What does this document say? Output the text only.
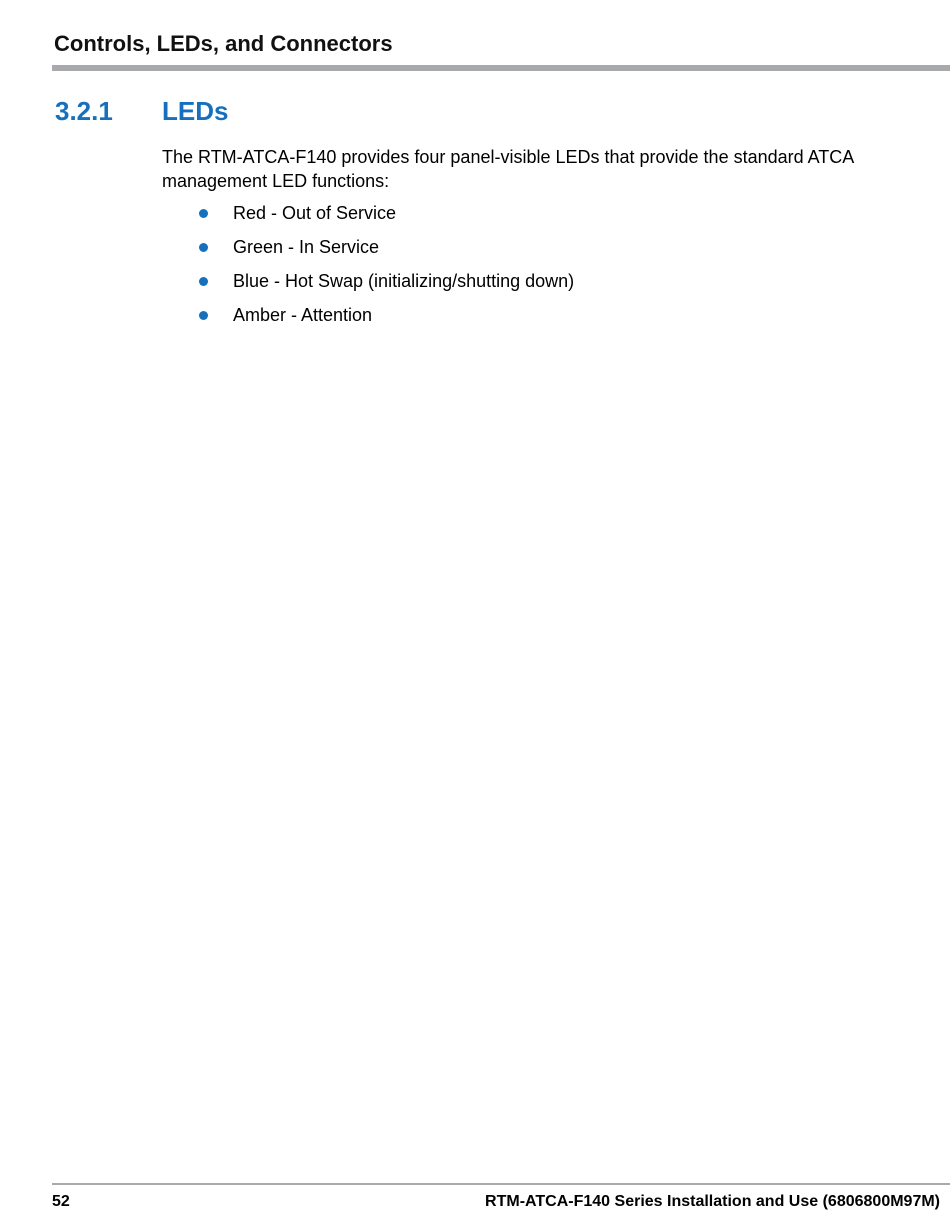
Controls, LEDs, and Connectors
3.2.1 LEDs

The RTM-ATCA-F140 provides four panel-visible LEDs that provide the standard ATCA management LED functions:

Red - Out of Service
Green - In Service
Blue - Hot Swap (initializing/shutting down)
Amber - Attention
52	RTM-ATCA-F140 Series Installation and Use (6806800M97M)
